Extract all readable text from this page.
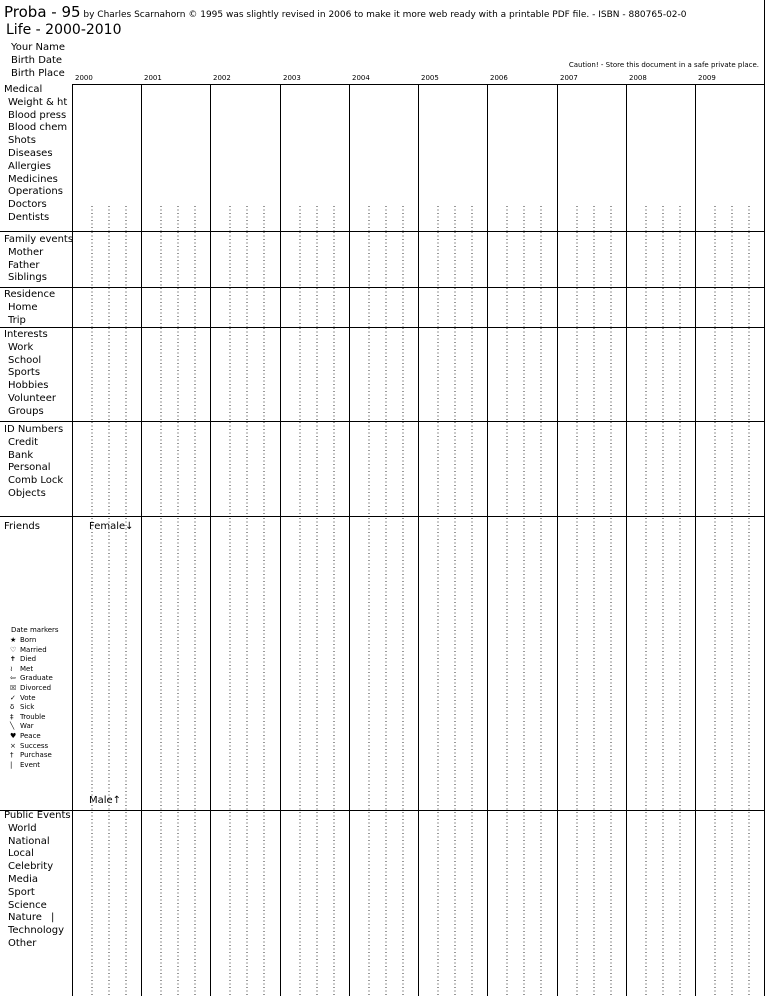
Proba - 95 by Charles Scarnahorn © 1995 was slightly revised in 2006 to make it more web ready with a printable PDF file. - ISBN - 880765-02-0
Life - 2000-2010
Your Name
Birth Date
Birth Place
Caution! - Store this document in a safe private place.
2000	2001	2002	2003	2004	2005	2006	2007	2008	2009
Medical
Weight & ht
Blood press
Blood chem
Shots
Diseases
Allergies
Medicines
Operations
Doctors
Dentists
Family events
Mother
Father
Siblings
Residence
Home
Trip
Interests
Work
School
Sports
Hobbies
Volunteer
Groups
ID Numbers
Credit
Bank
Personal
Comb Lock
Objects
Friends
Public Events
World
National
Local
Celebrity
Media
Sport
Science
Nature
Technology
Other
Female↓
Male↑
|
Date markers
★ Born
♡ Married
✝ Died
≀ Met
⇦ Graduate
☒ Divorced
✓ Vote
δ Sick
‡ Trouble
╲ War
♥ Peace
× Success
† Purchase
| Event
